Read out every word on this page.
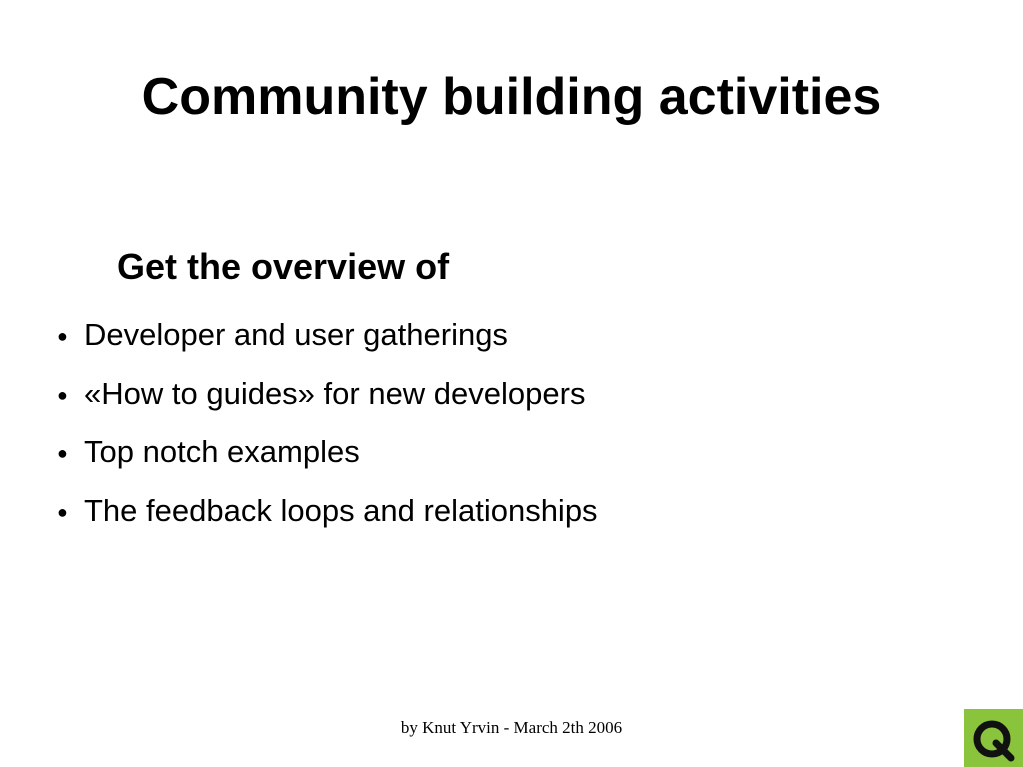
Community building activities
Get the overview of
● Developer and user gatherings
● «How to guides» for new developers
● Top notch examples
● The feedback loops and relationships

by Knut Yrvin - March 2th 2006
